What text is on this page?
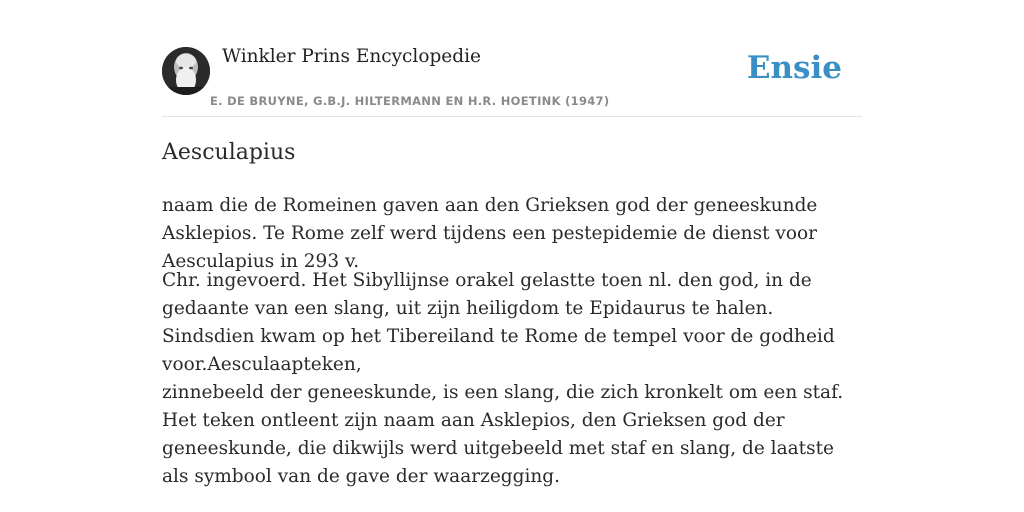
Winkler Prins Encyclopedie
E. DE BRUYNE, G.B.J. HILTERMANN EN H.R. HOETINK (1947)
Ensie
Aesculapius

naam die de Romeinen gaven aan den Grieksen god der geneeskunde Asklepios. Te Rome zelf werd tijdens een pestepidemie de dienst voor Aesculapius in 293 v.

Chr. ingevoerd. Het Sibyllijnse orakel gelastte toen nl. den god, in de gedaante van een slang, uit zijn heiligdom te Epidaurus te halen. Sindsdien kwam op het Tibereiland te Rome de tempel voor de godheid voor.Aesculaapteken,

zinnebeeld der geneeskunde, is een slang, die zich kronkelt om een staf. Het teken ontleent zijn naam aan Asklepios, den Grieksen god der geneeskunde, die dikwijls werd uitgebeeld met staf en slang, de laatste als symbool van de gave der waarzegging.
